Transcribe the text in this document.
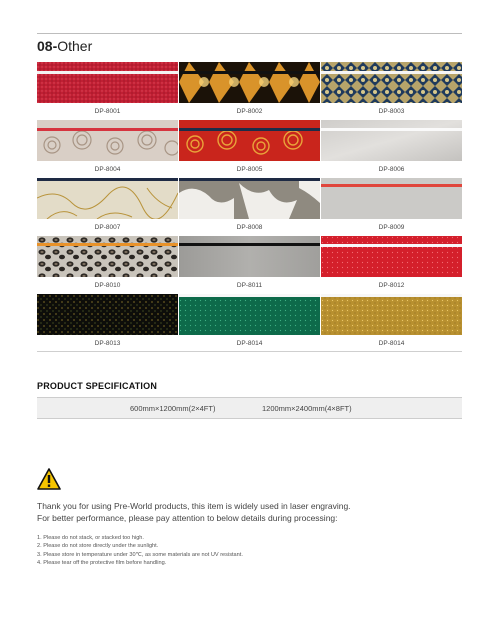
08-Other
DP-8001	DP-8002	DP-8003
DP-8004	DP-8005	DP-8006
DP-8007	DP-8008	DP-8009
DP-8010	DP-8011	DP-8012
DP-8013	DP-8014	DP-8014
PRODUCT SPECIFICATION
600mm×1200mm(2×4FT)	1200mm×2400mm(4×8FT)
Thank you for using Pre-World products, this item is widely used in laser engraving.
For better performance, please pay attention to below details during processing:
1. Please do not stack, or stacked too high.
2. Please do not store directly under the sunlight.
3. Please store in temperature under 30℃, as some materials are not UV resistant.
4. Please tear off the protective film before handling.
